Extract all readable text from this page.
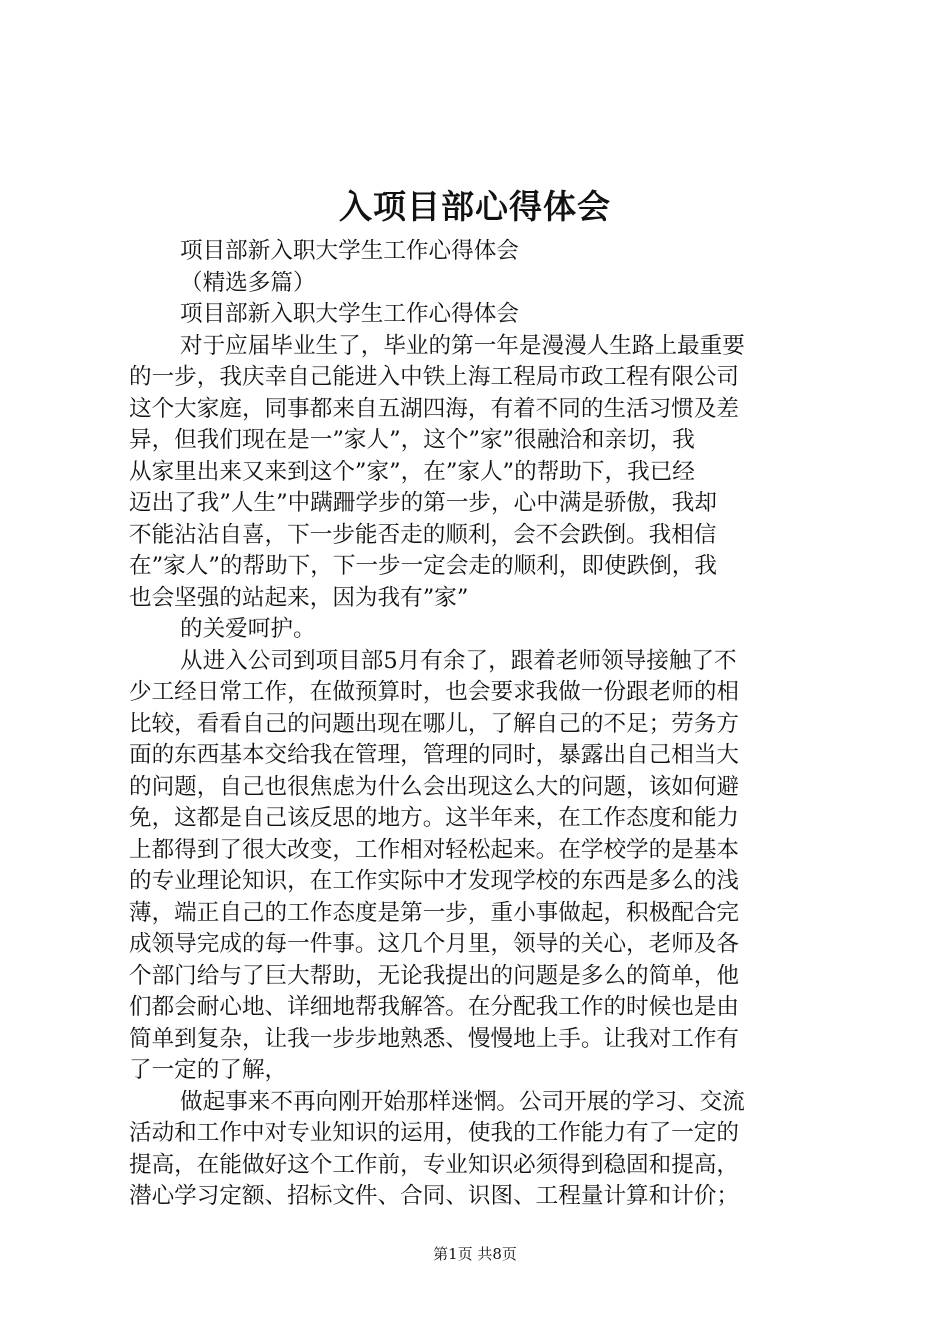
入项目部心得体会
项目部新入职大学生工作心得体会
（精选多篇）
项目部新入职大学生工作心得体会
对于应届毕业生了，毕业的第一年是漫漫人生路上最重要
的一步，我庆幸自己能进入中铁上海工程局市政工程有限公司
这个大家庭，同事都来自五湖四海，有着不同的生活习惯及差
异，但我们现在是一”家人”，这个”家”很融洽和亲切，我
从家里出来又来到这个”家”，在”家人”的帮助下，我已经
迈出了我”人生”中蹒跚学步的第一步，心中满是骄傲，我却
不能沾沾自喜，下一步能否走的顺利，会不会跌倒。我相信
在”家人”的帮助下，下一步一定会走的顺利，即使跌倒，我
也会坚强的站起来，因为我有”家”
的关爱呵护。
从进入公司到项目部5月有余了，跟着老师领导接触了不
少工经日常工作，在做预算时，也会要求我做一份跟老师的相
比较，看看自己的问题出现在哪儿，了解自己的不足；劳务方
面的东西基本交给我在管理，管理的同时，暴露出自己相当大
的问题，自己也很焦虑为什么会出现这么大的问题，该如何避
免，这都是自己该反思的地方。这半年来，在工作态度和能力
上都得到了很大改变，工作相对轻松起来。在学校学的是基本
的专业理论知识，在工作实际中才发现学校的东西是多么的浅
薄，端正自己的工作态度是第一步，重小事做起，积极配合完
成领导完成的每一件事。这几个月里，领导的关心，老师及各
个部门给与了巨大帮助，无论我提出的问题是多么的简单，他
们都会耐心地、详细地帮我解答。在分配我工作的时候也是由
简单到复杂，让我一步步地熟悉、慢慢地上手。让我对工作有
了一定的了解，
做起事来不再向刚开始那样迷惘。公司开展的学习、交流
活动和工作中对专业知识的运用，使我的工作能力有了一定的
提高，在能做好这个工作前，专业知识必须得到稳固和提高，
潜心学习定额、招标文件、合同、识图、工程量计算和计价；
第1页 共8页
